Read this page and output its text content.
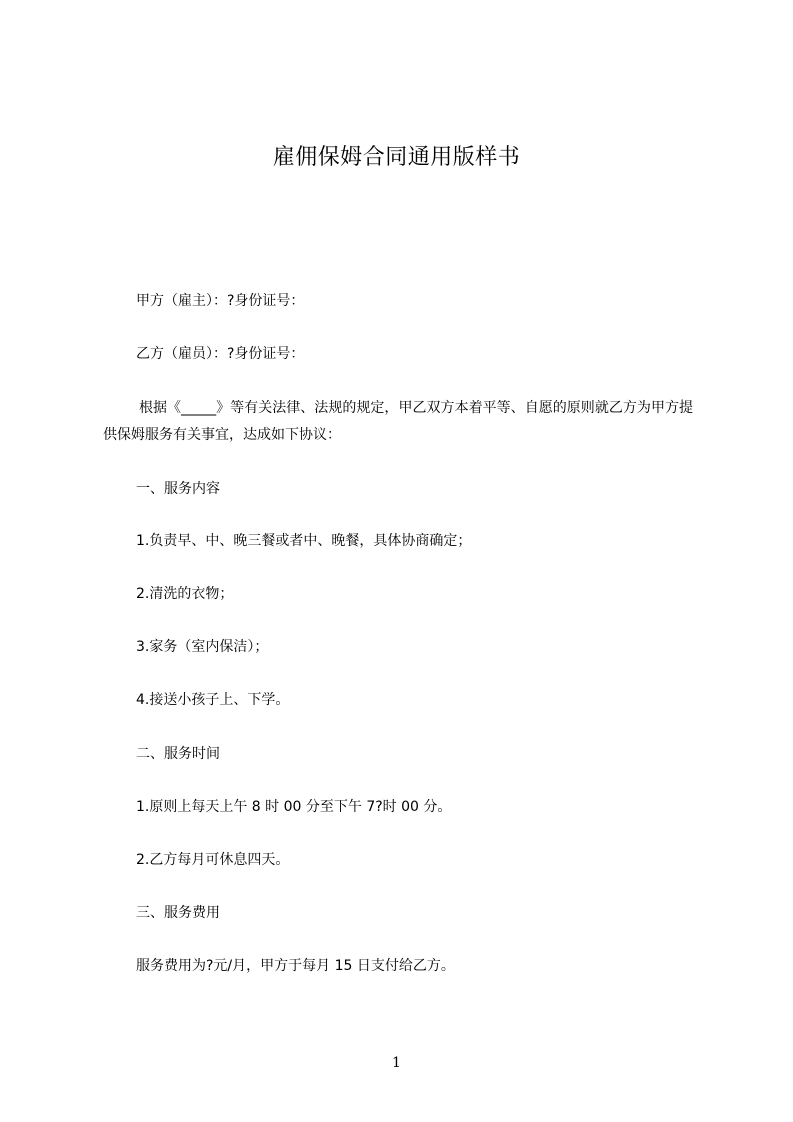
雇佣保姆合同通用版样书
甲方（雇主）：?身份证号：
乙方（雇员）：?身份证号：
根据《_____》等有关法律、法规的规定，甲乙双方本着平等、自愿的原则就乙方为甲方提供保姆服务有关事宜，达成如下协议：
一、服务内容
1.负责早、中、晚三餐或者中、晚餐，具体协商确定；
2.清洗的衣物；
3.家务（室内保洁）；
4.接送小孩子上、下学。
二、服务时间
1.原则上每天上午 8 时 00 分至下午 7?时 00 分。
2.乙方每月可休息四天。
三、服务费用
服务费用为?元/月，甲方于每月 15 日支付给乙方。
1
